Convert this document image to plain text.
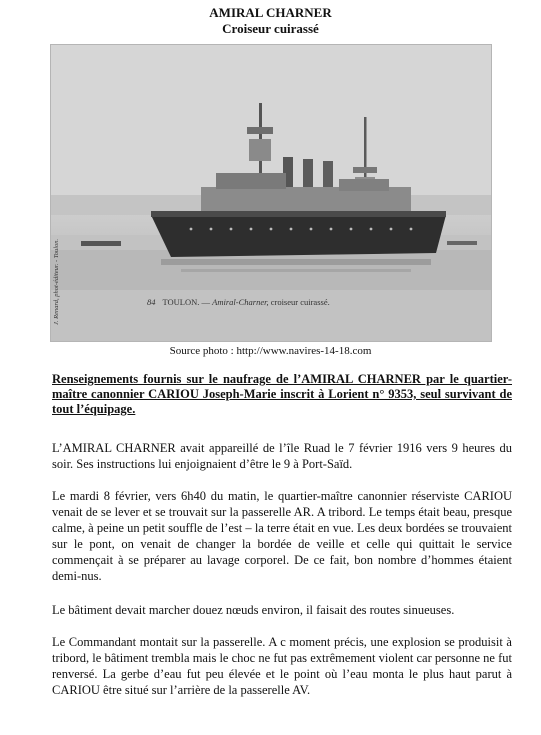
AMIRAL CHARNER
Croiseur cuirassé
J. Renard, phot-éditeur. - Toulon.	84 TOULON. — Amiral-Charner, croiseur cuirassé.
Source photo : http://www.navires-14-18.com
Renseignements fournis sur le naufrage de l’AMIRAL CHARNER par le quartier-maître canonnier CARIOU Joseph-Marie inscrit à Lorient n° 9353, seul survivant de tout l’équipage.
L’AMIRAL CHARNER avait appareillé de l’île Ruad le 7 février 1916 vers 9 heures du soir. Ses instructions lui enjoignaient d’être le 9 à Port-Saïd.
Le mardi 8 février, vers 6h40 du matin, le quartier-maître canonnier réserviste CARIOU venait de se lever et se trouvait sur la passerelle AR. A tribord. Le temps était beau, presque calme, à peine un petit souffle de l’est – la terre était en vue. Les deux bordées se trouvaient sur le pont, on venait de changer la bordée de veille et celle qui quittait le service commençait à se préparer au lavage corporel. De ce fait, bon nombre d’hommes étaient demi-nus.
Le bâtiment devait marcher douez nœuds environ, il faisait des routes sinueuses.
Le Commandant montait sur la passerelle. A c moment précis, une explosion se produisit à tribord, le bâtiment trembla mais le choc ne fut pas extrêmement violent car personne ne fut renversé. La gerbe d’eau fut peu élevée et le point où l’eau monta le plus haut parut à CARIOU être situé sur l’arrière de la passerelle AV.
